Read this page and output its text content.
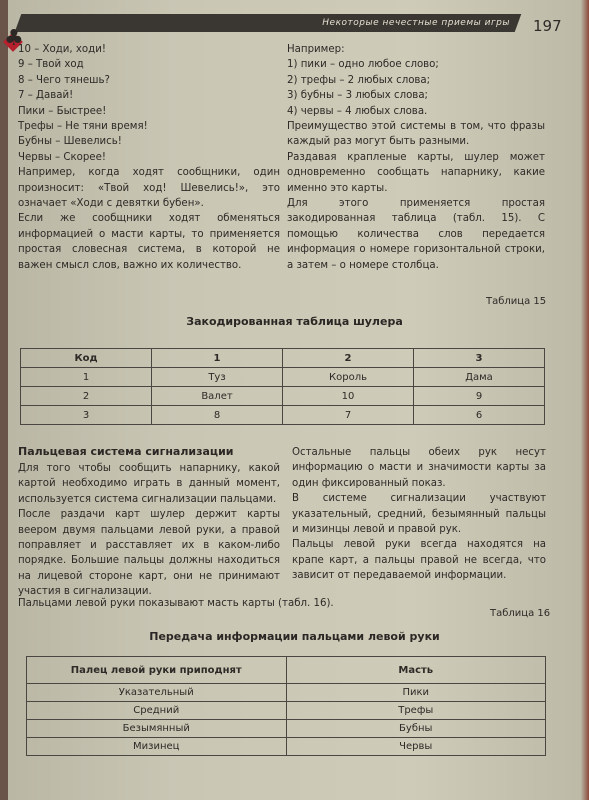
Некоторые нечестные приемы игры 197
♣

10 – Ходи, ходи!

9 – Твой ход

8 – Чего тянешь?

7 – Давай!

Пики – Быстрее!

Трефы – Не тяни время!

Бубны – Шевелись!

Червы – Скорее!

Например, когда ходят сообщники, один произносит: «Твой ход! Шевелись!», это означает «Ходи с девятки бубен».

Если же сообщники ходят обменяться информацией о масти карты, то применяется простая словесная система, в которой не важен смысл слов, важно их количество.

Например:

1) пики – одно любое слово;

2) трефы – 2 любых слова;

3) бубны – 3 любых слова;

4) червы – 4 любых слова.

Преимущество этой системы в том, что фразы каждый раз могут быть разными.

Раздавая крапленые карты, шулер может одновременно сообщать напарнику, какие именно это карты.

Для этого применяется простая закодированная таблица (табл. 15). С помощью количества слов передается информация о номере горизонтальной строки, а затем – о номере столбца.

Таблица 15
Закодированная таблица шулера
Код	1	2	3
1	Туз	Король	Дама
2	Валет	10	9
3	8	7	6
Пальцевая система сигнализации

Для того чтобы сообщить напарнику, какой картой необходимо играть в данный момент, используется система сигнализации пальцами.

После раздачи карт шулер держит карты веером двумя пальцами левой руки, а правой поправляет и расставляет их в каком-либо порядке. Большие пальцы должны находиться на лицевой стороне карт, они не принимают участия в сигнализации.

Остальные пальцы обеих рук несут информацию о масти и значимости карты за один фиксированный показ.

В системе сигнализации участвуют указательный, средний, безымянный пальцы и мизинцы левой и правой рук.

Пальцы левой руки всегда находятся на крапе карт, а пальцы правой не всегда, что зависит от передаваемой информации.

Пальцами левой руки показывают масть карты (табл. 16).
Таблица 16
Передача информации пальцами левой руки
Палец левой руки приподнят	Масть
Указательный	Пики
Средний	Трефы
Безымянный	Бубны
Мизинец	Червы
